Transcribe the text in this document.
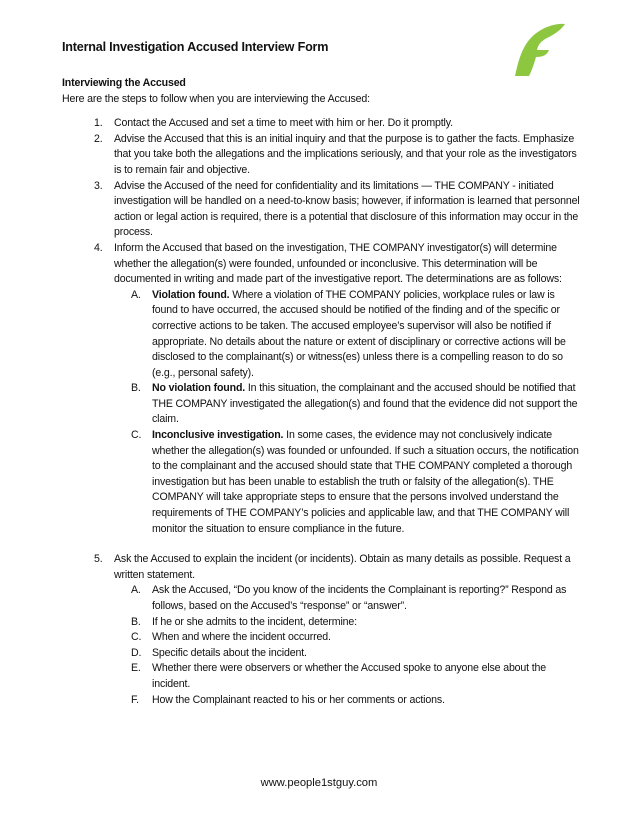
Internal Investigation Accused Interview Form
Interviewing the Accused
Here are the steps to follow when you are interviewing the Accused:
1. Contact the Accused and set a time to meet with him or her. Do it promptly.
2. Advise the Accused that this is an initial inquiry and that the purpose is to gather the facts. Emphasize that you take both the allegations and the implications seriously, and that your role as the investigators is to remain fair and objective.
3. Advise the Accused of the need for confidentiality and its limitations — THE COMPANY - initiated investigation will be handled on a need-to-know basis; however, if information is learned that personnel action or legal action is required, there is a potential that disclosure of this information may occur in the process.
4. Inform the Accused that based on the investigation, THE COMPANY investigator(s) will determine whether the allegation(s) were founded, unfounded or inconclusive. This determination will be documented in writing and made part of the investigative report. The determinations are as follows:
A. Violation found. Where a violation of THE COMPANY policies, workplace rules or law is found to have occurred, the accused should be notified of the finding and of the specific or corrective actions to be taken. The accused employee’s supervisor will also be notified if appropriate. No details about the nature or extent of disciplinary or corrective actions will be disclosed to the complainant(s) or witness(es) unless there is a compelling reason to do so (e.g., personal safety).
B. No violation found. In this situation, the complainant and the accused should be notified that THE COMPANY investigated the allegation(s) and found that the evidence did not support the claim.
C. Inconclusive investigation. In some cases, the evidence may not conclusively indicate whether the allegation(s) was founded or unfounded. If such a situation occurs, the notification to the complainant and the accused should state that THE COMPANY completed a thorough investigation but has been unable to establish the truth or falsity of the allegation(s). THE COMPANY will take appropriate steps to ensure that the persons involved understand the requirements of THE COMPANY’s policies and applicable law, and that THE COMPANY will monitor the situation to ensure compliance in the future.
5. Ask the Accused to explain the incident (or incidents). Obtain as many details as possible. Request a written statement.
A. Ask the Accused, “Do you know of the incidents the Complainant is reporting?” Respond as follows, based on the Accused’s “response” or “answer”.
B. If he or she admits to the incident, determine:
C. When and where the incident occurred.
D. Specific details about the incident.
E. Whether there were observers or whether the Accused spoke to anyone else about the incident.
F. How the Complainant reacted to his or her comments or actions.
www.people1stguy.com
